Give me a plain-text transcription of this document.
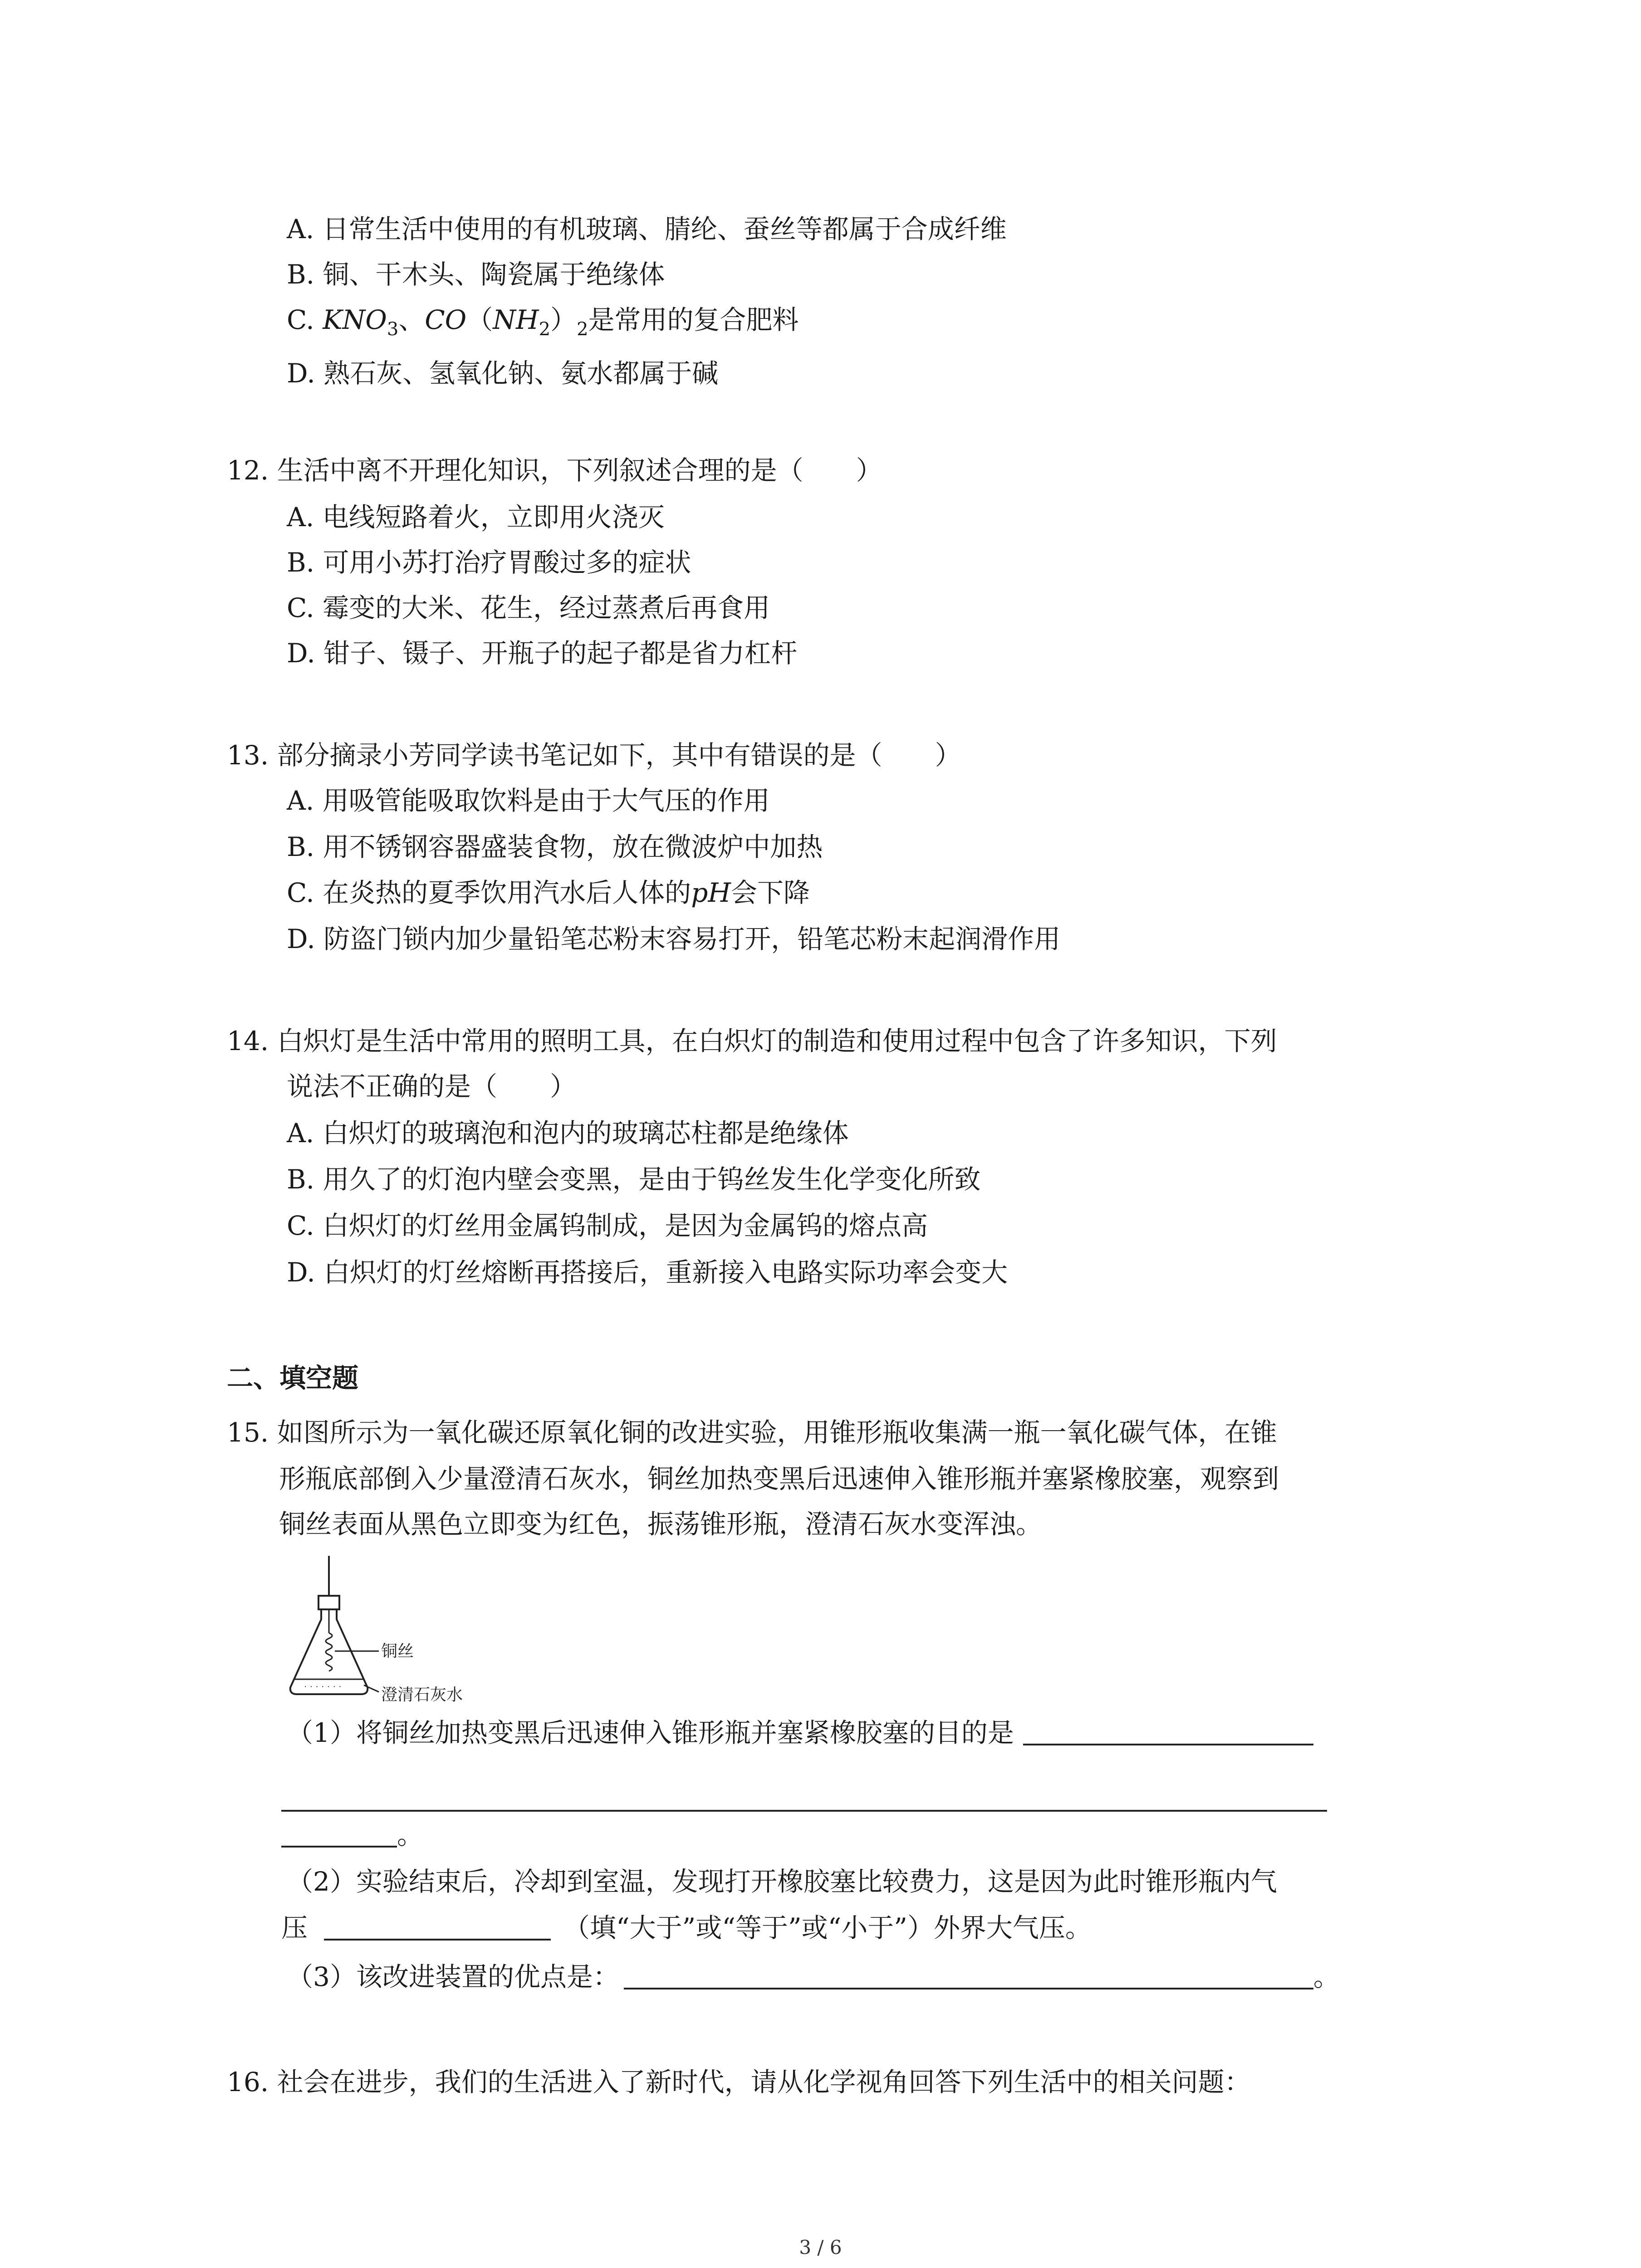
A. 日常生活中使用的有机玻璃、腈纶、蚕丝等都属于合成纤维
B. 铜、干木头、陶瓷属于绝缘体
C. $KNO_3$、$CO(NH_2)_2$是常用的复合肥料
D. 熟石灰、氢氧化钠、氨水都属于碱
12. 生活中离不开理化知识，下列叙述合理的是（　　）
A. 电线短路着火，立即用火浇灭
B. 可用小苏打治疗胃酸过多的症状
C. 霉变的大米、花生，经过蒸煮后再食用
D. 钳子、镊子、开瓶子的起子都是省力杠杆
13. 部分摘录小芳同学读书笔记如下，其中有错误的是（　　）
A. 用吸管能吸取饮料是由于大气压的作用
B. 用不锈钢容器盛装食物，放在微波炉中加热
C. 在炎热的夏季饮用汽水后人体的pH会下降
D. 防盗门锁内加少量铅笔芯粉末容易打开，铅笔芯粉末起润滑作用
14. 白炽灯是生活中常用的照明工具，在白炽灯的制造和使用过程中包含了许多知识，下列
说法不正确的是（　　）
A. 白炽灯的玻璃泡和泡内的玻璃芯柱都是绝缘体
B. 用久了的灯泡内壁会变黑，是由于钨丝发生化学变化所致
C. 白炽灯的灯丝用金属钨制成，是因为金属钨的熔点高
D. 白炽灯的灯丝熔断再搭接后，重新接入电路实际功率会变大
二、填空题
15. 如图所示为一氧化碳还原氧化铜的改进实验，用锥形瓶收集满一瓶一氧化碳气体，在锥
形瓶底部倒入少量澄清石灰水，铜丝加热变黑后迅速伸入锥形瓶并塞紧橡胶塞，观察到
铜丝表面从黑色立即变为红色，振荡锥形瓶，澄清石灰水变浑浊。
· · · · · · ·
铜丝
澄清石灰水
（1）将铜丝加热变黑后迅速伸入锥形瓶并塞紧橡胶塞的目的是
。
（2）实验结束后，冷却到室温，发现打开橡胶塞比较费力，这是因为此时锥形瓶内气
压	（填“大于”或“等于”或“小于”）外界大气压。
（3）该改进装置的优点是：	。
16. 社会在进步，我们的生活进入了新时代，请从化学视角回答下列生活中的相关问题：
3 / 6
